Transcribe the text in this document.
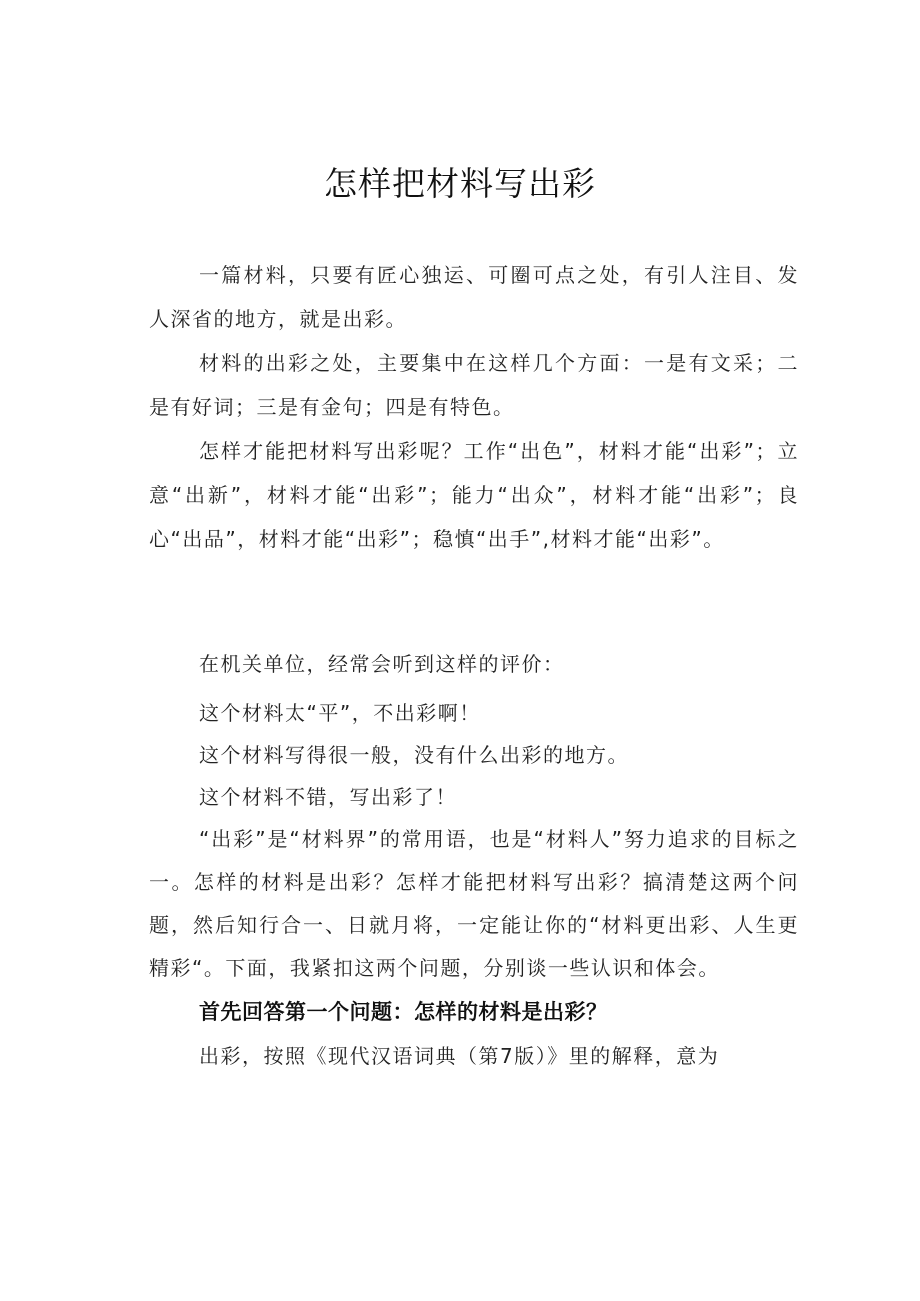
怎样把材料写出彩
一篇材料，只要有匠心独运、可圈可点之处，有引人注目、发人深省的地方，就是出彩。
材料的出彩之处，主要集中在这样几个方面：一是有文采；二是有好词；三是有金句；四是有特色。
怎样才能把材料写出彩呢？工作“出色”，材料才能“出彩”；立意“出新”，材料才能“出彩”；能力“出众”，材料才能“出彩”；良心“出品”，材料才能“出彩”；稳慎“出手”,材料才能“出彩”。
在机关单位，经常会听到这样的评价：
这个材料太“平”，不出彩啊！
这个材料写得很一般，没有什么出彩的地方。
这个材料不错，写出彩了！
“出彩”是“材料界”的常用语，也是“材料人”努力追求的目标之一。怎样的材料是出彩？怎样才能把材料写出彩？搞清楚这两个问题，然后知行合一、日就月将，一定能让你的“材料更出彩、人生更精彩“。下面，我紧扣这两个问题，分别谈一些认识和体会。
首先回答第一个问题：怎样的材料是出彩？
出彩，按照《现代汉语词典（第7版）》里的解释，意为
